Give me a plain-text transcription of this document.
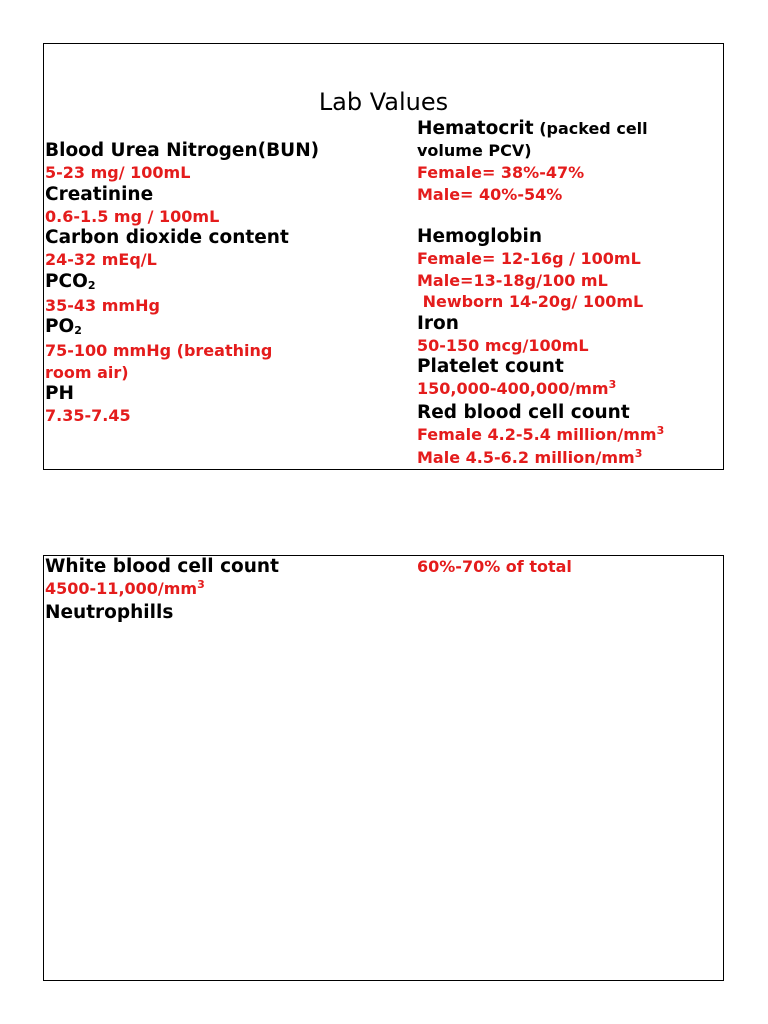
Lab Values
Blood Urea Nitrogen(BUN)
5-23 mg/ 100mL
Creatinine
0.6-1.5 mg / 100mL
Carbon dioxide content
24-32 mEq/L
PCO2
35-43 mmHg
PO2
75-100 mmHg (breathing
room air)
PH
7.35-7.45
Hematocrit (packed cell
volume PCV)
Female= 38%-47%
Male= 40%-54%
Hemoglobin
Female= 12-16g / 100mL
Male=13-18g/100 mL
Newborn 14-20g/ 100mL
Iron
50-150 mcg/100mL
Platelet count
$150,000-400,000/mm^3$
Red blood cell count
Female 4.2-5.4 million/$mm^3$
Male 4.5-6.2 million/$mm^3$
White blood cell count
$4500-11,000/mm^3$
Neutrophills
60%-70% of total
